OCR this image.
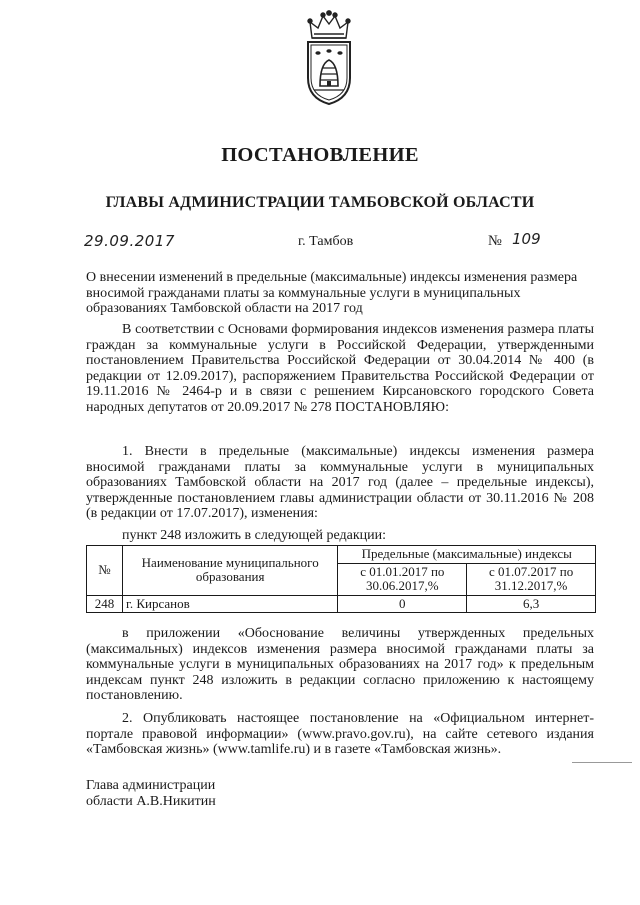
ПОСТАНОВЛЕНИЕ
ГЛАВЫ АДМИНИСТРАЦИИ ТАМБОВСКОЙ ОБЛАСТИ
29.09.2017	г. Тамбов	№ 109

О внесении изменений в предельные (максимальные) индексы изменения размера вносимой гражданами платы за коммунальные услуги в муниципальных образованиях Тамбовской области на 2017 год

В соответствии с Основами формирования индексов изменения размера платы граждан за коммунальные услуги в Российской Федерации, утвержденными постановлением Правительства Российской Федерации от 30.04.2014 № 400 (в редакции от 12.09.2017), распоряжением Правительства Российской Федерации от 19.11.2016 № 2464-р и в связи с решением Кирсановского городского Совета народных депутатов от 20.09.2017 № 278 ПОСТАНОВЛЯЮ:

1. Внести в предельные (максимальные) индексы изменения размера вносимой гражданами платы за коммунальные услуги в муниципальных образованиях Тамбовской области на 2017 год (далее – предельные индексы), утвержденные постановлением главы администрации области от 30.11.2016 № 208 (в редакции от 17.07.2017), изменения:

пункт 248 изложить в следующей редакции:
№	Наименование муниципального образования	Предельные (максимальные) индексы	
		с 01.01.2017 по 30.06.2017,%	с 01.07.2017 по 31.12.2017,%
248	г. Кирсанов	0	6,3

в приложении «Обоснование величины утвержденных предельных (максимальных) индексов изменения размера вносимой гражданами платы за коммунальные услуги в муниципальных образованиях на 2017 год» к предельным индексам пункт 248 изложить в редакции согласно приложению к настоящему постановлению.

2. Опубликовать настоящее постановление на «Официальном интернет-портале правовой информации» (www.pravo.gov.ru), на сайте сетевого издания «Тамбовская жизнь» (www.tamlife.ru) и в газете «Тамбовская жизнь».

Глава администрации
области А.В.Никитин
